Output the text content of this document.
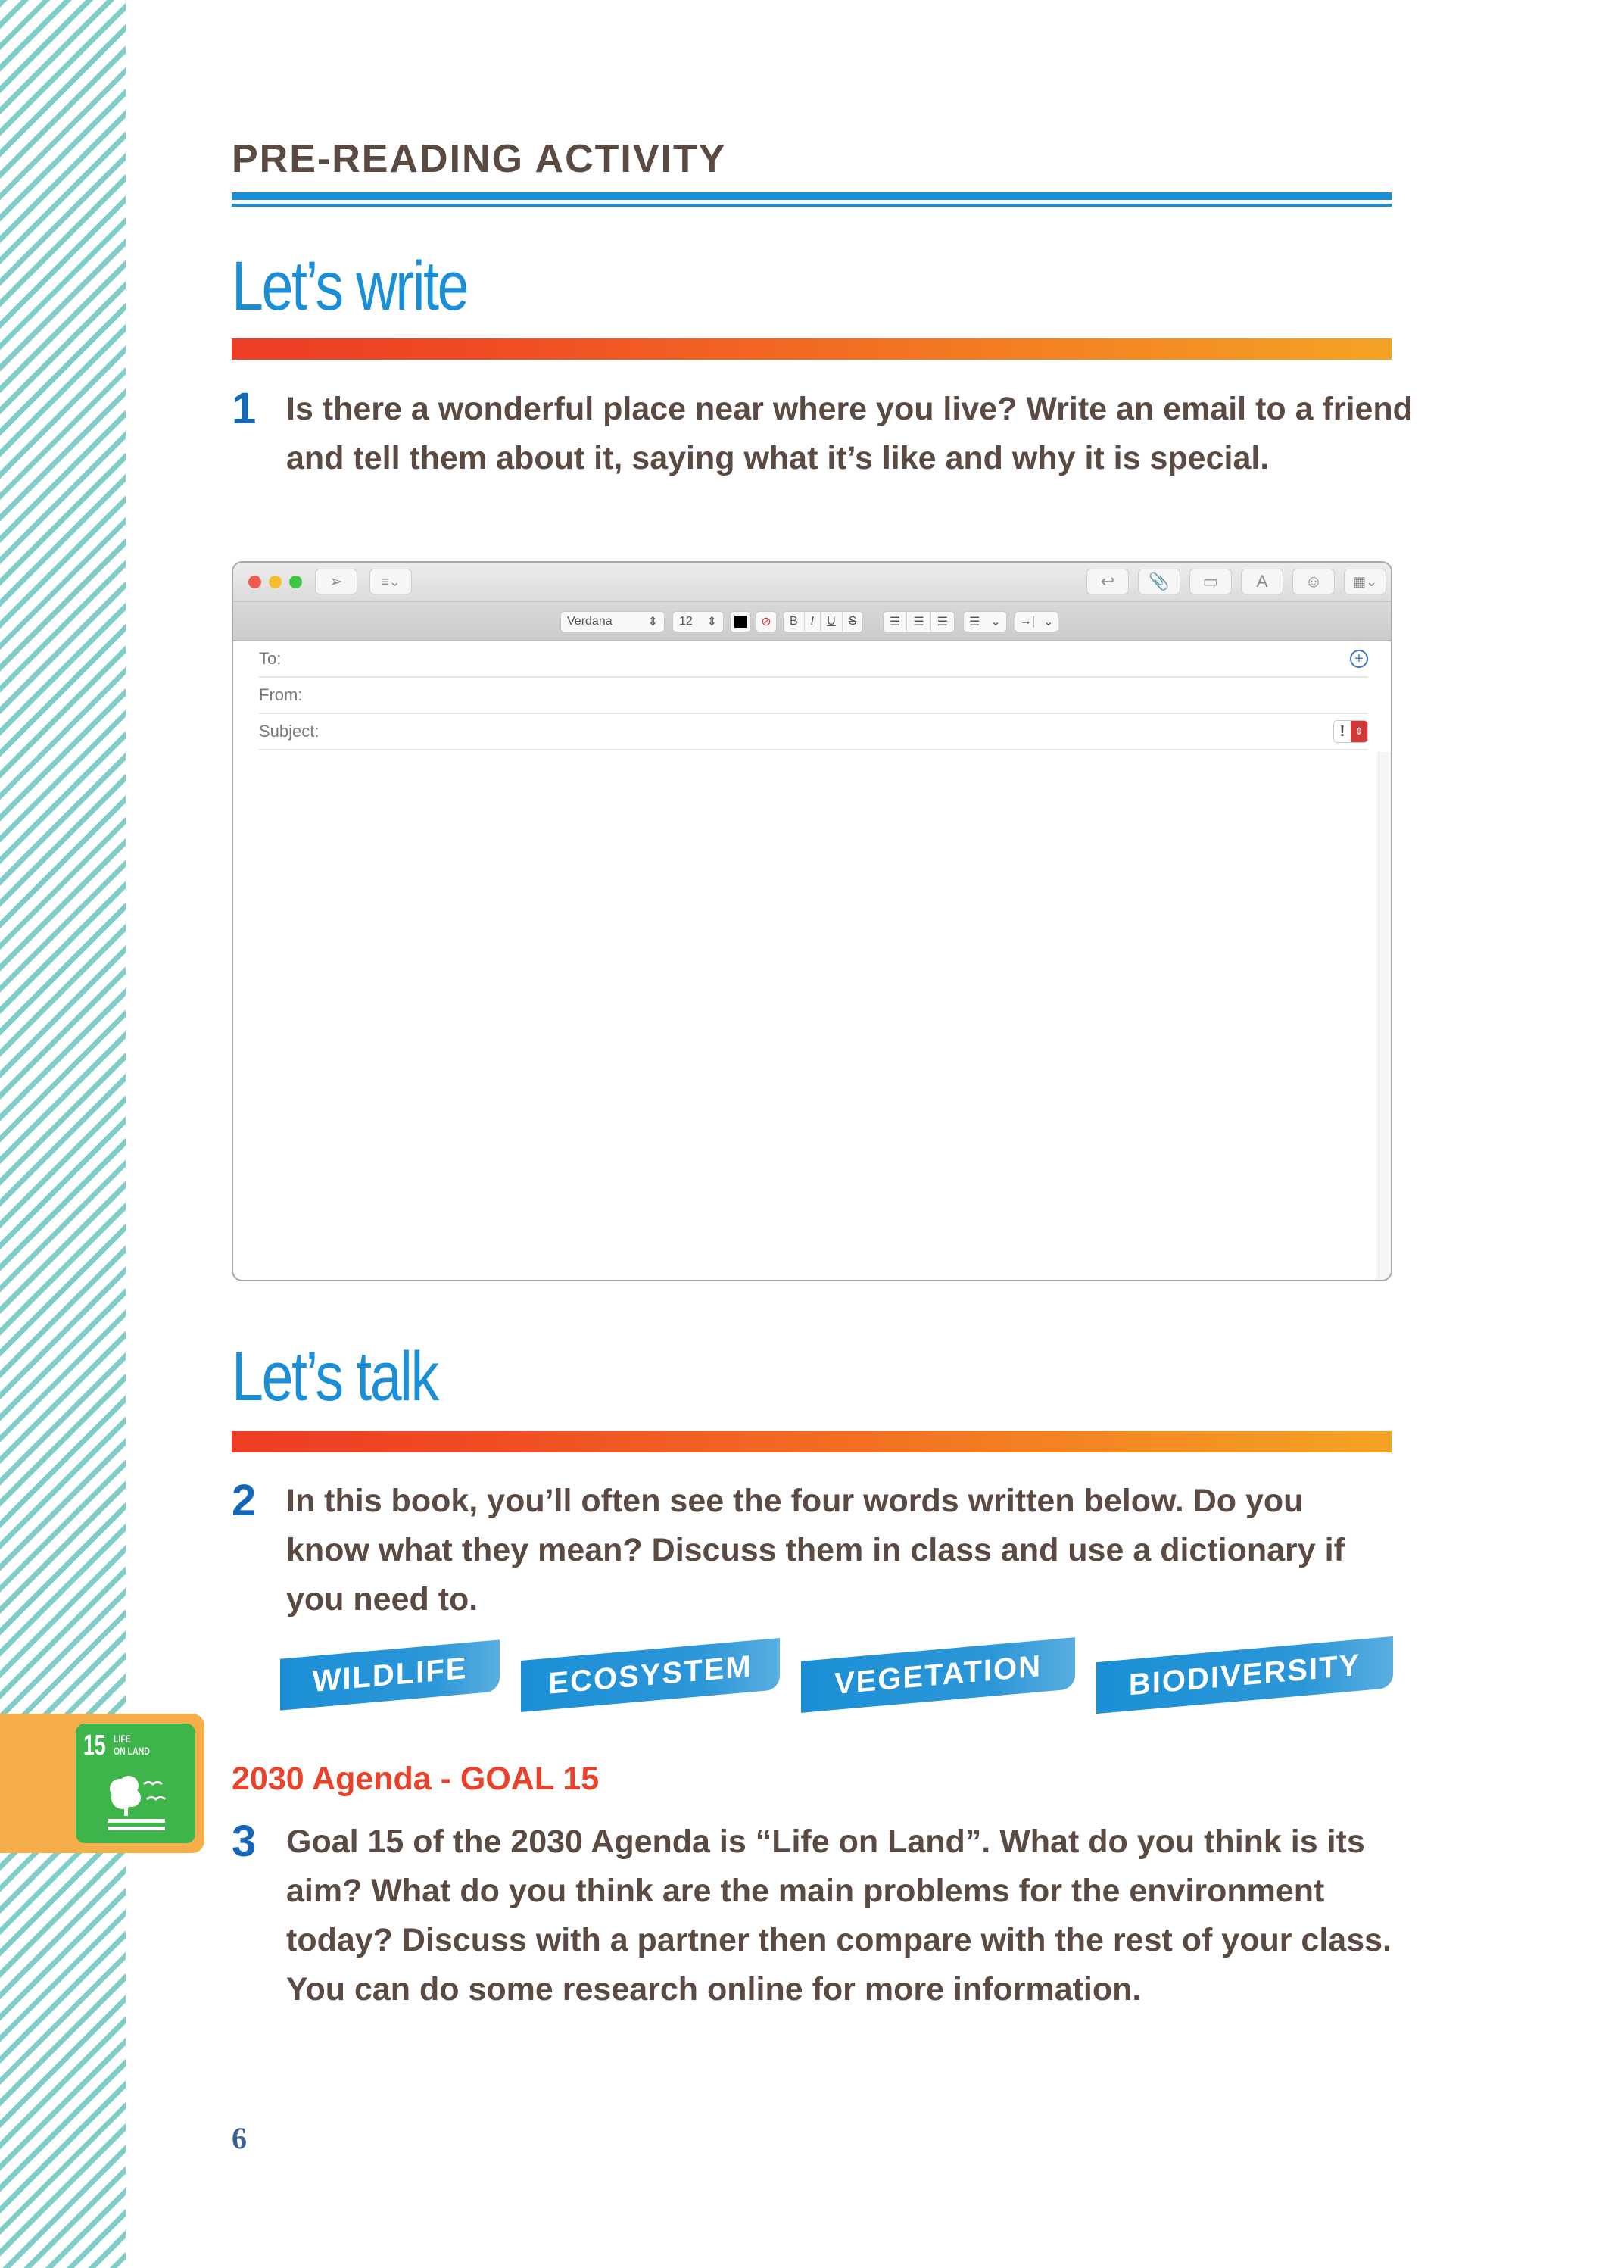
PRE-READING ACTIVITY
Let’s write
1 Is there a wonderful place near where you live? Write an email to a friend and tell them about it, saying what it’s like and why it is special.
➢	≡⌄	↩ 📎 ▭ A ☺ ▦⌄
Verdana	⇕ 12 ⇕	⊘	B	I	U	S	☰	☰	☰	☰ ⌄ →| ⌄
To:	+
From:
Subject:	!	⇕
Let’s talk
2 In this book, you’ll often see the four words written below. Do you know what they mean? Discuss them in class and use a dictionary if you need to.
WILDLIFE	ECOSYSTEM	VEGETATION	BIODIVERSITY
15 LIFE
ON LAND
2030 Agenda - GOAL 15
3 Goal 15 of the 2030 Agenda is “Life on Land”. What do you think is its aim? What do you think are the main problems for the environment today? Discuss with a partner then compare with the rest of your class. You can do some research online for more information.
6
